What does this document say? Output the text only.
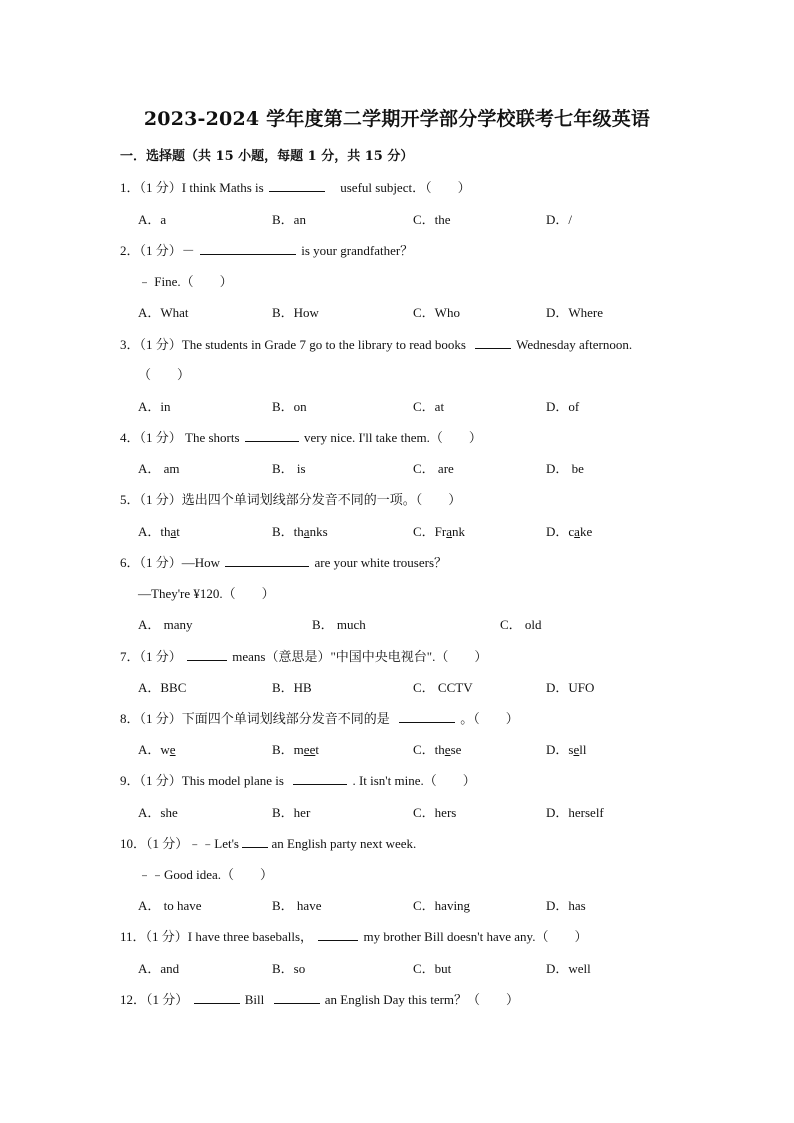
2023-2024 学年度第二学期开学部分学校联考七年级英语
一．选择题（共 15 小题，每题 1 分，共 15 分）
1．（1 分）I think Maths is	useful subject．（　　）
A．a	B．an	C．the	D．/
2．（1 分）－	is your grandfather？
﹣ Fine.（　　）
A．What	B．How	C．Who	D．Where
3．（1 分）The students in Grade 7 go to the library to read books	Wednesday afternoon.
（　　）
A．in	B．on	C．at	D．of
4．（1 分） The shorts	very nice. I'll take them.（　　）
A． am	B． is	C． are	D． be
5．（1 分）选出四个单词划线部分发音不同的一项。（　　）
A．that	B．thanks	C．Frank	D．cake
6．（1 分）—How	are your white trousers？
—They're ¥120.（　　）
A． many	B． much	C． old
7．（1 分）	means（意思是）"中国中央电视台".（　　）
A．BBC	B．HB	C． CCTV	D．UFO
8．（1 分）下面四个单词划线部分发音不同的是	。（　　）
A．we	B．meet	C．these	D．sell
9．（1 分）This model plane is	. It isn't mine.（　　）
A．she	B．her	C．hers	D．herself
10．（1 分）﹣﹣Let's	an English party next week.
﹣﹣Good idea.（　　）
A． to have	B． have	C．having	D．has
11．（1 分）I have three baseballs，	my brother Bill doesn't have any.（　　）
A．and	B．so	C．but	D．well
12．（1 分）	Bill	an English Day this term？（　　）
